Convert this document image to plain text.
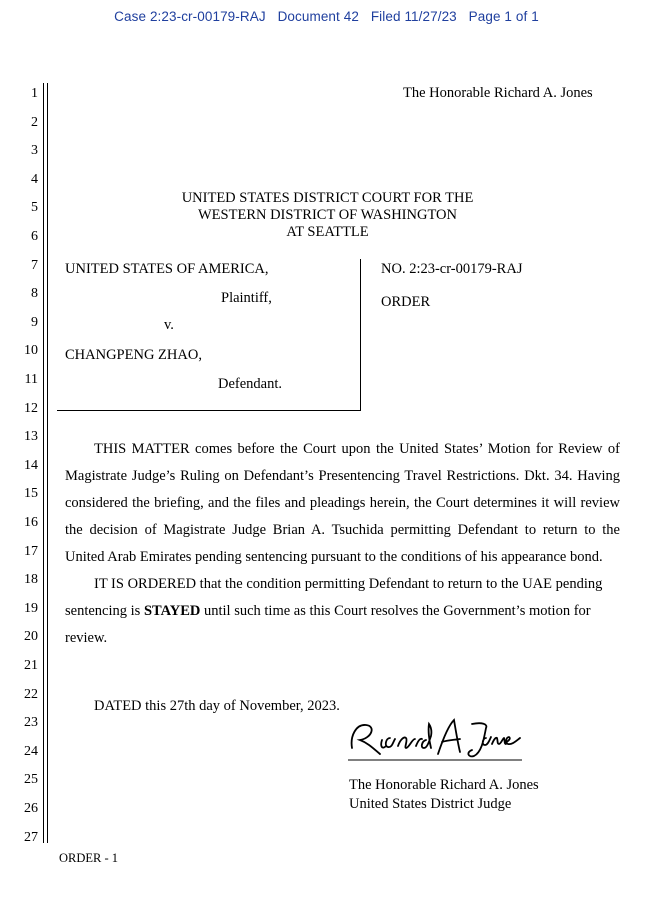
Case 2:23-cr-00179-RAJ Document 42 Filed 11/27/23 Page 1 of 1
1
2
3
4
5
6
7
8
9
10
11
12
13
14
15
16
17
18
19
20
21
22
23
24
25
26
27
The Honorable Richard A. Jones
UNITED STATES DISTRICT COURT FOR THE
WESTERN DISTRICT OF WASHINGTON
AT SEATTLE
UNITED STATES OF AMERICA,
Plaintiff,
v.
CHANGPENG ZHAO,
Defendant.
NO. 2:23-cr-00179-RAJ
ORDER

THIS MATTER comes before the Court upon the United States’ Motion for Review of Magistrate Judge’s Ruling on Defendant’s Presentencing Travel Restrictions. Dkt. 34. Having considered the briefing, and the files and pleadings herein, the Court determines it will review the decision of Magistrate Judge Brian A. Tsuchida permitting Defendant to return to the United Arab Emirates pending sentencing pursuant to the conditions of his appearance bond.

IT IS ORDERED that the condition permitting Defendant to return to the UAE pending sentencing is STAYED until such time as this Court resolves the Government’s motion for review.

DATED this 27th day of November, 2023.
The Honorable Richard A. Jones
United States District Judge
ORDER - 1
